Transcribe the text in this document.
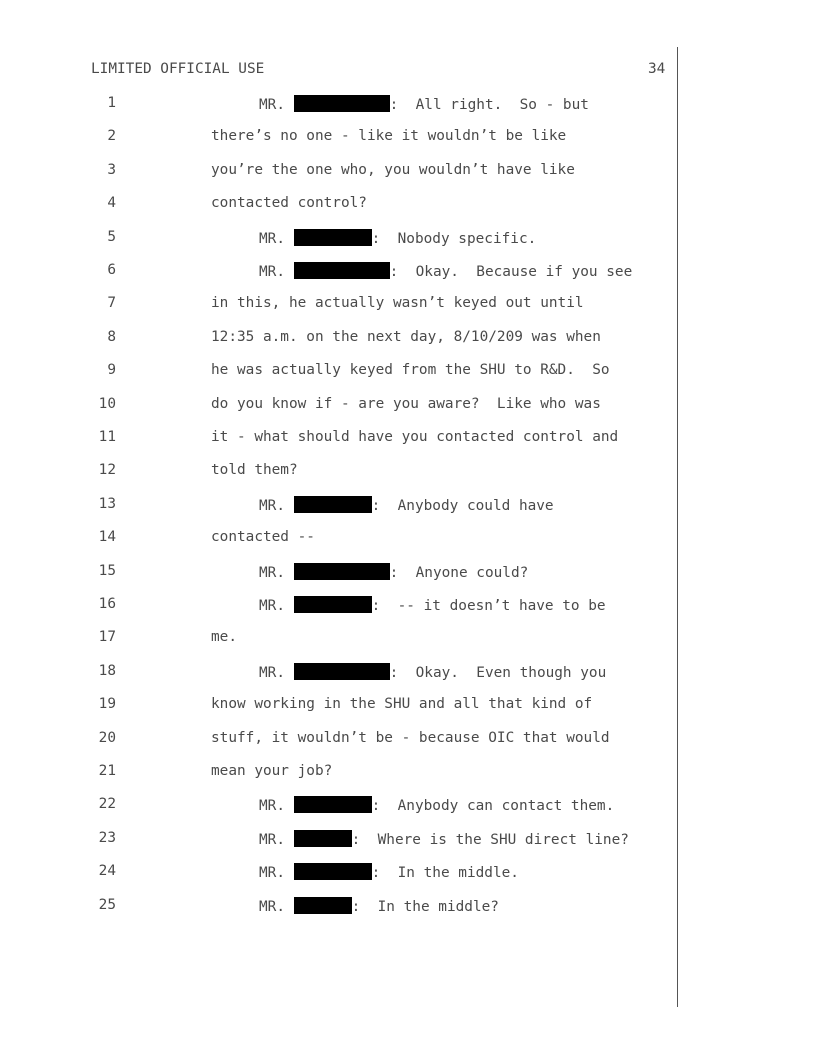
LIMITED OFFICIAL USE	34
1	MR.	:  All right.  So - but
2	there’s no one - like it wouldn’t be like
3	you’re the one who, you wouldn’t have like
4	contacted control?
5	MR.	:  Nobody specific.
6	MR.	:  Okay.  Because if you see
7	in this, he actually wasn’t keyed out until
8	12:35 a.m. on the next day, 8/10/209 was when
9	he was actually keyed from the SHU to R&D.  So
10	do you know if - are you aware?  Like who was
11	it - what should have you contacted control and
12	told them?
13	MR.	:  Anybody could have
14	contacted --
15	MR.	:  Anyone could?
16	MR.	:  -- it doesn’t have to be
17	me.
18	MR.	:  Okay.  Even though you
19	know working in the SHU and all that kind of
20	stuff, it wouldn’t be - because OIC that would
21	mean your job?
22	MR.	:  Anybody can contact them.
23	MR.	:  Where is the SHU direct line?
24	MR.	:  In the middle.
25	MR.	:  In the middle?
